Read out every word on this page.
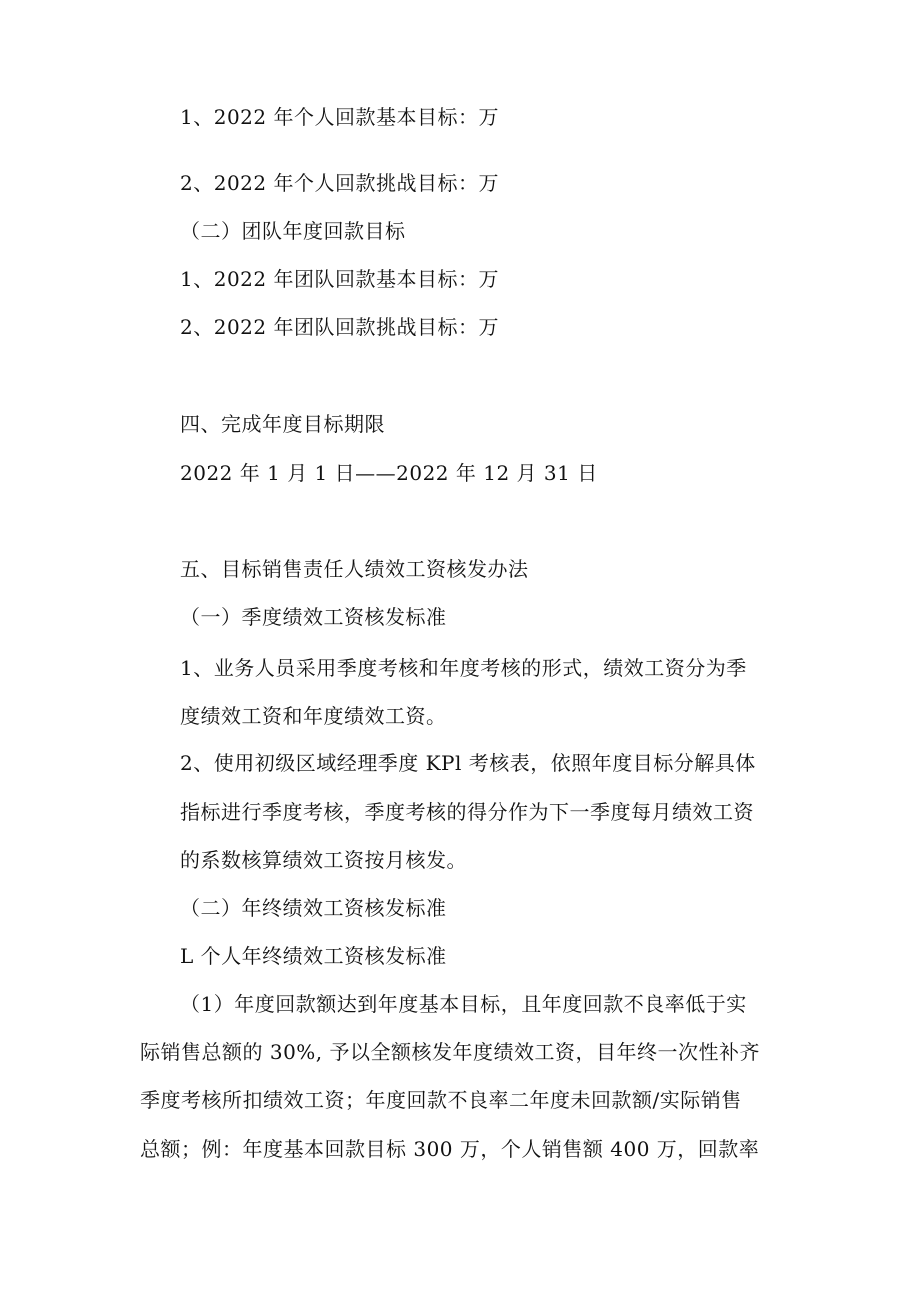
1、2022 年个人回款基本目标：万
2、2022 年个人回款挑战目标：万
（二）团队年度回款目标
1、2022 年团队回款基本目标：万
2、2022 年团队回款挑战目标：万
四、完成年度目标期限
2022 年 1 月 1 日——2022 年 12 月 31 日
五、目标销售责任人绩效工资核发办法
（一）季度绩效工资核发标准
1、业务人员采用季度考核和年度考核的形式，绩效工资分为季
度绩效工资和年度绩效工资。
2、使用初级区域经理季度 KPl 考核表，依照年度目标分解具体
指标进行季度考核，季度考核的得分作为下一季度每月绩效工资
的系数核算绩效工资按月核发。
（二）年终绩效工资核发标准
L 个人年终绩效工资核发标准
（1）年度回款额达到年度基本目标，且年度回款不良率低于实
际销售总额的 30%, 予以全额核发年度绩效工资，目年终一次性补齐
季度考核所扣绩效工资；年度回款不良率二年度未回款额/实际销售
总额；例：年度基本回款目标 300 万，个人销售额 400 万，回款率
